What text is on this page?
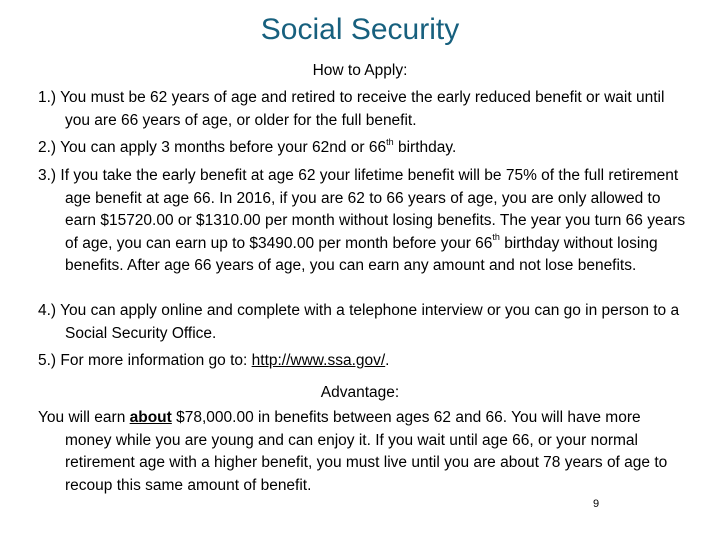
Social Security
How to Apply:
1.) You must be 62 years of age and retired to receive the early reduced benefit or wait until you are 66 years of age, or older for the full benefit.
2.) You can apply 3 months before your 62nd or 66th birthday.
3.) If you take the early benefit at age 62 your lifetime benefit will be 75% of the full retirement age benefit at age 66. In 2016, if you are 62 to 66 years of age, you are only allowed to earn $15720.00 or $1310.00 per month without losing benefits. The year you turn 66 years of age, you can earn up to $3490.00 per month before your 66th birthday without losing benefits. After age 66 years of age, you can earn any amount and not lose benefits.
4.) You can apply online and complete with a telephone interview or you can go in person to a Social Security Office.
5.) For more information go to: http://www.ssa.gov/.
Advantage:
You will earn about $78,000.00 in benefits between ages 62 and 66. You will have more money while you are young and can enjoy it. If you wait until age 66, or your normal retirement age with a higher benefit, you must live until you are about 78 years of age to recoup this same amount of benefit.
9
